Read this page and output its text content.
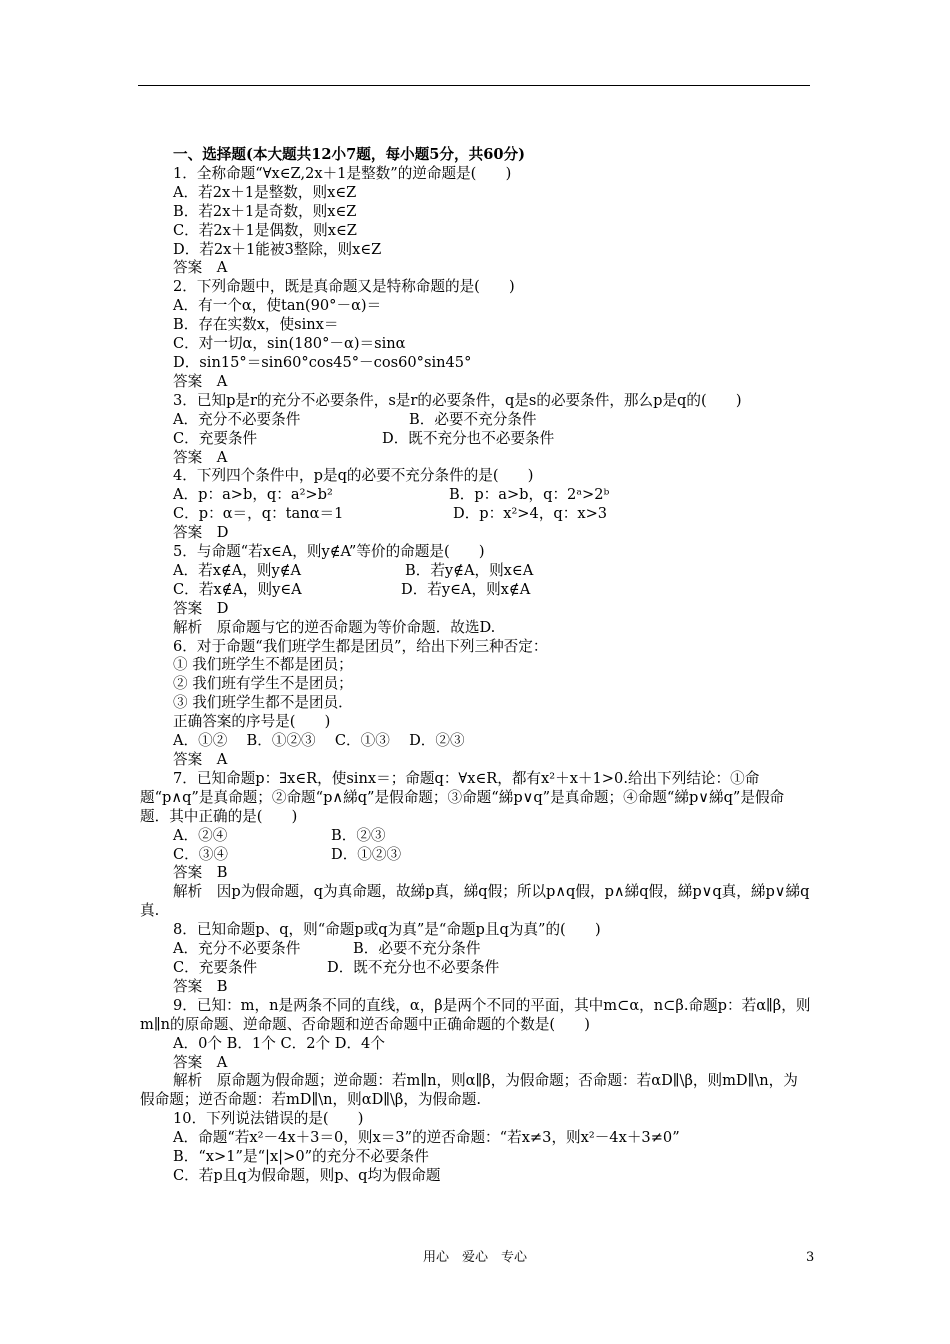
一、选择题(本大题共12小7题，每小题5分，共60分)

1．全称命题“∀x∈Z,2x＋1是整数”的逆命题是(　　)

A．若2x＋1是整数，则x∈Z

B．若2x＋1是奇数，则x∈Z

C．若2x＋1是偶数，则x∈Z

D．若2x＋1能被3整除，则x∈Z

答案　A

2．下列命题中，既是真命题又是特称命题的是(　　)

A．有一个α，使tan(90°－α)＝

B．存在实数x，使sinx＝

C．对一切α，sin(180°－α)＝sinα

D．sin15°＝sin60°cos45°－cos60°sin45°

答案　A

3．已知p是r的充分不必要条件，s是r的必要条件，q是s的必要条件，那么p是q的(　　)

A．充分不必要条件	B．必要不充分条件

C．充要条件	D．既不充分也不必要条件

答案　A

4．下列四个条件中，p是q的必要不充分条件的是(　　)

A．p：a>b，q：a²>b²	B．p：a>b，q：2ᵃ>2ᵇ

C．p：α＝，q：tanα＝1	D．p：x²>4，q：x>3

答案　D

5．与命题“若x∈A，则y∉A”等价的命题是(　　)

A．若x∉A，则y∉A	B．若y∉A，则x∈A

C．若x∉A，则y∈A	D．若y∈A，则x∉A

答案　D

解析　原命题与它的逆否命题为等价命题．故选D.

6．对于命题“我们班学生都是团员”，给出下列三种否定：

① 我们班学生不都是团员；

② 我们班有学生不是团员；

③ 我们班学生都不是团员．

正确答案的序号是(　　)

A．①②　 B．①②③　 C．①③　 D．②③

答案　A

7．已知命题p：∃x∈R，使sinx＝；命题q：∀x∈R，都有x²＋x＋1>0.给出下列结论：①命题“p∧q”是真命题；②命题“p∧綈q”是假命题；③命题“綈p∨q”是真命题；④命题“綈p∨綈q”是假命题．其中正确的是(　　)

A．②④	B．②③

C．③④	D．①②③

答案　B

解析　因p为假命题，q为真命题，故綈p真，綈q假；所以p∧q假，p∧綈q假，綈p∨q真，綈p∨綈q真.

8．已知命题p、q，则“命题p或q为真”是“命题p且q为真”的(　　)

A．充分不必要条件	B．必要不充分条件

C．充要条件	D．既不充分也不必要条件

答案　B

9．已知：m，n是两条不同的直线，α，β是两个不同的平面，其中m⊂α，n⊂β.命题p：若α∥β，则m∥n的原命题、逆命题、否命题和逆否命题中正确命题的个数是(　　)

A．0个 B．1个 C．2个 D．4个

答案　A

解析　原命题为假命题；逆命题：若m∥n，则α∥β，为假命题；否命题：若αD∥\β，则mD∥\n，为假命题；逆否命题：若mD∥\n，则αD∥\β，为假命题.

10．下列说法错误的是(　　)

A．命题“若x²－4x＋3＝0，则x＝3”的逆否命题：“若x≠3，则x²－4x＋3≠0”

B．“x>1”是“|x|>0”的充分不必要条件

C．若p且q为假命题，则p、q均为假命题

用心　爱心　专心	3
